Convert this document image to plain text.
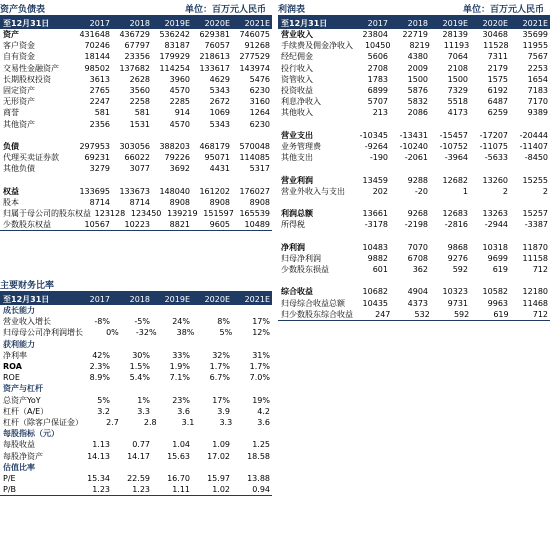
资产负债表	单位：百万元人民币
至12月31日	2017	2018	2019E	2020E	2021E
资产	431648	436729	536242	629381	746075
客户资金	70246	67797	83187	76057	91268
自有资金	18144	23356	179929	218613	277529
交易性金融资产	98502	137682	114254	133617	143974
长期股权投资	3613	2628	3960	4629	5476
固定资产	2765	3560	4570	5343	6230
无形资产	2247	2258	2285	2672	3160
商誉	581	581	914	1069	1264
其他资产	2356	1531	4570	5343	6230
负债	297953	303056	388203	468179	570048
代理买卖证券款	69231	66022	79226	95071	114085
其他负债	3279	3077	3692	4431	5317
权益	133695	133673	148040	161202	176027
股本	8714	8714	8908	8908	8908
归属于母公司的股东权益 123128 123450 139219 151597 165539
少数股东权益	10567	10223	8821	9605	10489
主要财务比率
至12月31日	2017	2018	2019E	2020E	2021E
成长能力
营业收入增长	-8%	-5%	24%	8%	17%
归母母公司净利润增长	0%	-32%	38%	5%	12%
获利能力
净利率	42%	30%	33%	32%	31%
ROA	2.3%	1.5%	1.9%	1.7%	1.7%
ROE	8.9%	5.4%	7.1%	6.7%	7.0%
资产与杠杆
总资产YoY	5%	1%	23%	17%	19%
杠杆（A/E）	3.2	3.3	3.6	3.9	4.2
杠杆（除客户保证金）	2.7	2.8	3.1	3.3	3.6
每股指标（元）
每股收益	1.13	0.77	1.04	1.09	1.25
每股净资产	14.13	14.17	15.63	17.02	18.58
估值比率
P/E	15.34	22.59	16.70	15.97	13.88
P/B	1.23	1.23	1.11	1.02	0.94
利润表	单位：百万元人民币
至12月31日	2017	2018	2019E	2020E	2021E
营业收入	23804	22719	28139	30468	35699
手续费及佣金净收入	10450	8219	11193	11528	11955
经纪佣金	5606	4380	7064	7311	7567
投行收入	2708	2009	2108	2179	2253
资管收入	1783	1500	1500	1575	1654
投资收益	6899	5876	7329	6192	7183
利息净收入	5707	5832	5518	6487	7170
其他收入	213	2086	4173	6259	9389
营业支出	-10345	-13431	-15457	-17207	-20444
业务管理费	-9264	-10240	-10752	-11075	-11407
其他支出	-190	-2061	-3964	-5633	-8450
营业利润	13459	9288	12682	13260	15255
营业外收入与支出	202	-20	1	2	2
利润总额	13661	9268	12683	13263	15257
所得税	-3178	-2198	-2816	-2944	-3387
净利润	10483	7070	9868	10318	11870
归母净利润	9882	6708	9276	9699	11158
少数股东损益	601	362	592	619	712
综合收益	10682	4904	10323	10582	12180
归母综合收益总额	10435	4373	9731	9963	11468
归少数股东综合收益	247	532	592	619	712
